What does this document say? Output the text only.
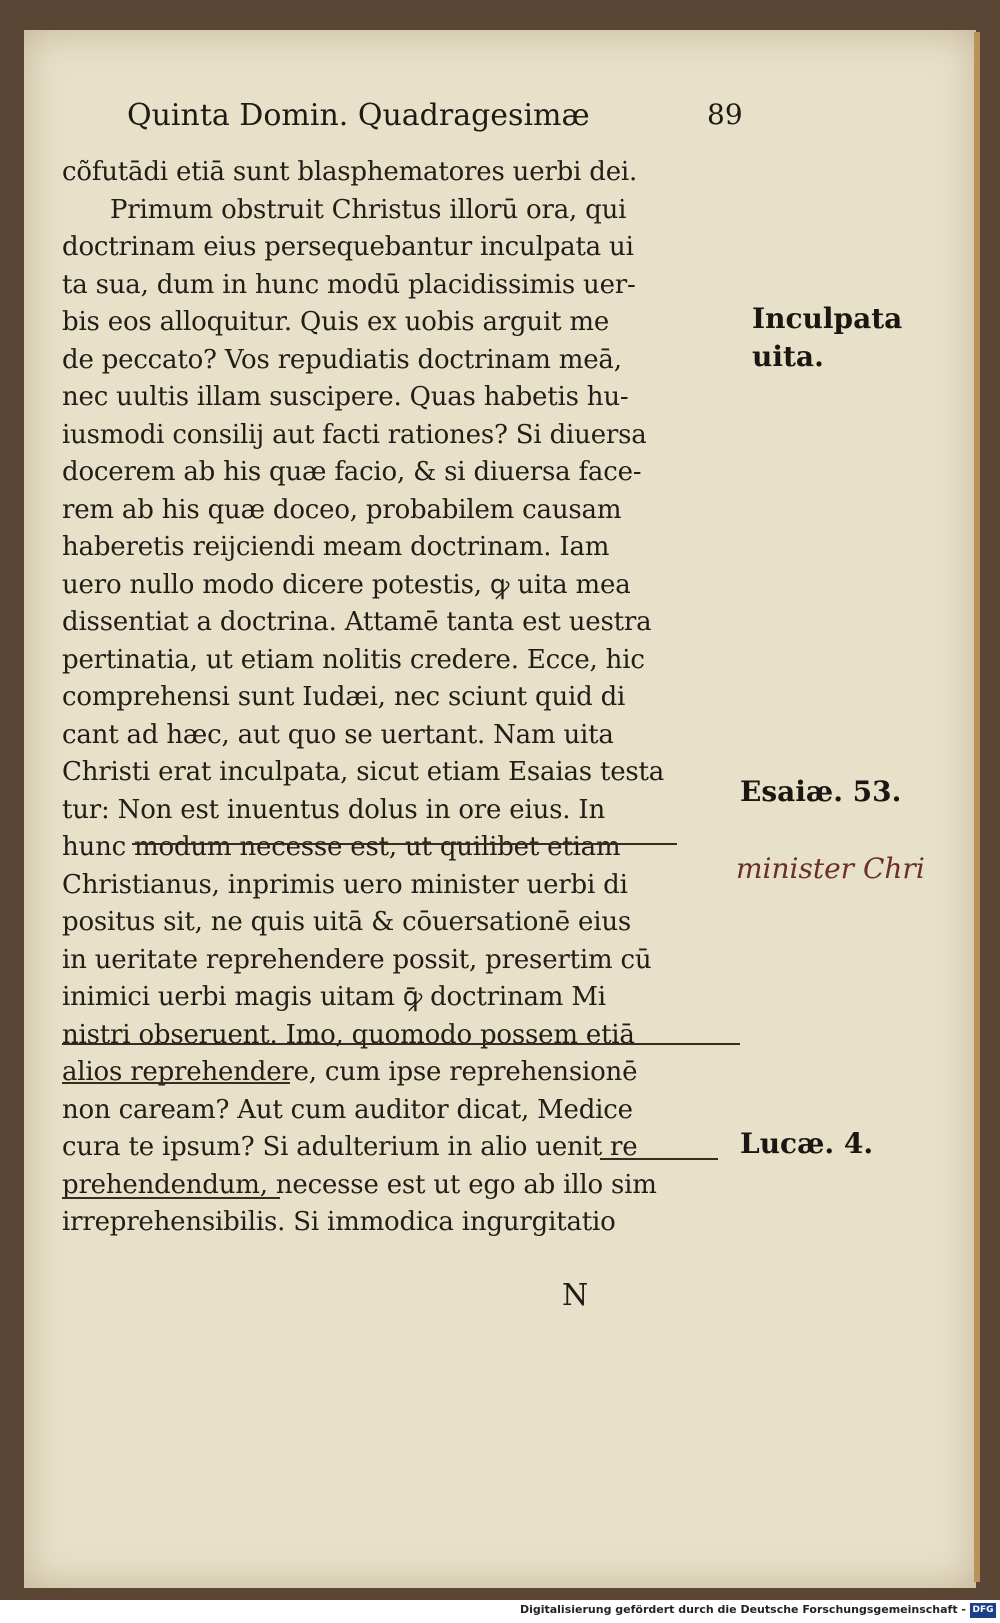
Quinta Domin. Quadragesimæ	89
cõfutādi etiā sunt blasphematores uerbi dei.
Primum obstruit Christus illorū ora, qui
doctrinam eius persequebantur inculpata ui
ta sua, dum in hunc modū placidissimis uer-
bis eos alloquitur. Quis ex uobis arguit me
de peccato? Vos repudiatis doctrinam meā,
nec uultis illam suscipere. Quas habetis hu-
iusmodi consilij aut facti rationes? Si diuersa
docerem ab his quæ facio, & si diuersa face-
rem ab his quæ doceo, probabilem causam
haberetis reijciendi meam doctrinam. Iam
uero nullo modo dicere potestis, ꝙ uita mea
dissentiat a doctrina. Attamē tanta est uestra
pertinatia, ut etiam nolitis credere. Ecce, hic
comprehensi sunt Iudæi, nec sciunt quid di
cant ad hæc, aut quo se uertant. Nam uita
Christi erat inculpata, sicut etiam Esaias testa
tur: Non est inuentus dolus in ore eius. In
hunc modum necesse est, ut quilibet etiam
Christianus, inprimis uero minister uerbi di
positus sit, ne quis uitā & cōuersationē eius
in ueritate reprehendere possit, presertim cū
inimici uerbi magis uitam ꝙ̄ doctrinam Mi
nistri obseruent. Imo, quomodo possem etiā
alios reprehendere, cum ipse reprehensionē
non caream? Aut cum auditor dicat, Medice
cura te ipsum? Si adulterium in alio uenit re
prehendendum, necesse est ut ego ab illo sim
irreprehensibilis. Si immodica ingurgitatio
N
Inculpata
uita.
Esaiæ. 53.
minister Chri
Lucæ. 4.
Digitalisierung gefördert durch die Deutsche Forschungsgemeinschaft - DFG
